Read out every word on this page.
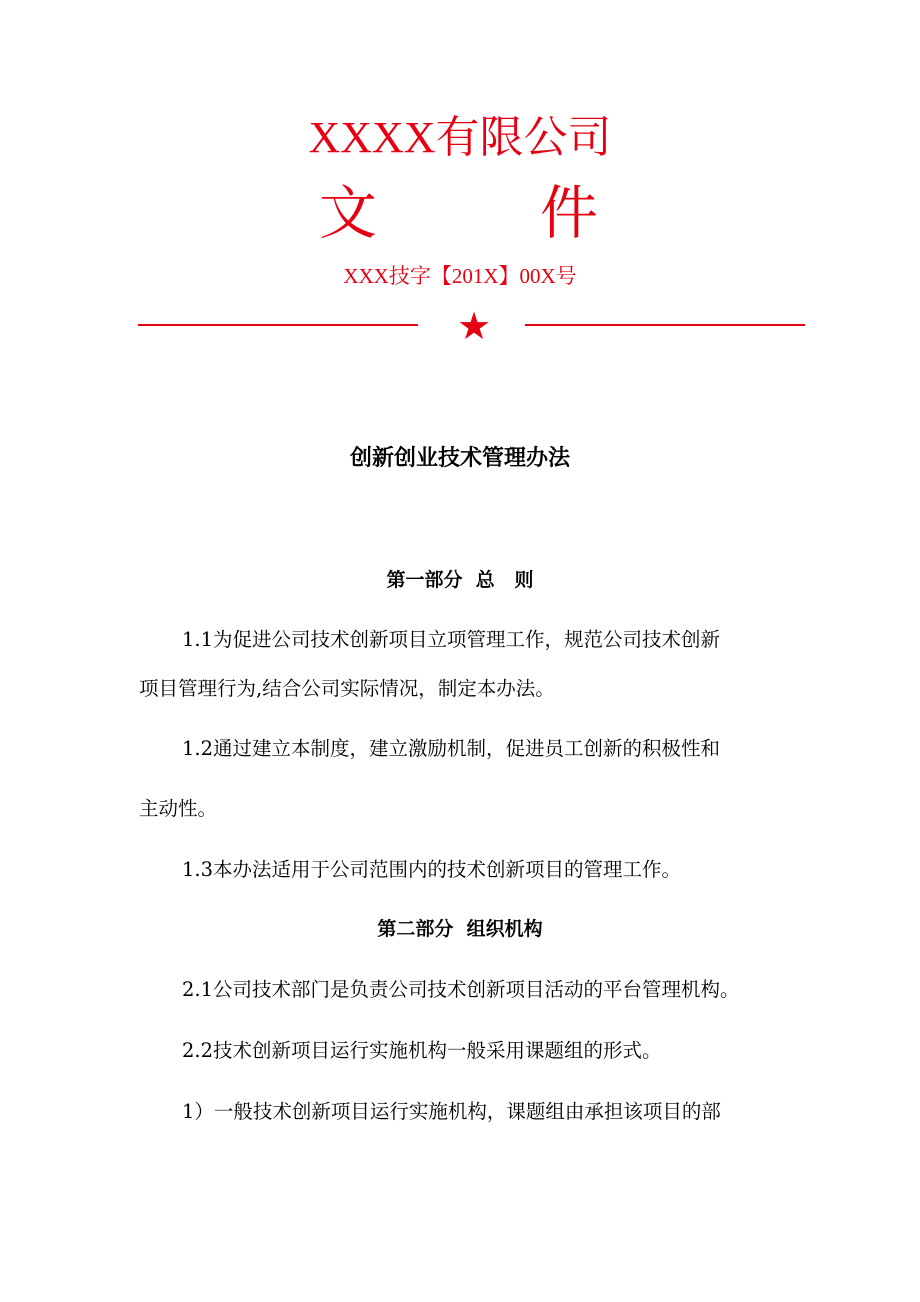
XXXX有限公司
文	件
XXX技字【201X】00X号
★
创新创业技术管理办法
第一部分  总   则
1.1为促进公司技术创新项目立项管理工作，规范公司技术创新
项目管理行为,结合公司实际情况，制定本办法。
1.2通过建立本制度，建立激励机制，促进员工创新的积极性和
主动性。
1.3本办法适用于公司范围内的技术创新项目的管理工作。
第二部分  组织机构
2.1公司技术部门是负责公司技术创新项目活动的平台管理机构。
2.2技术创新项目运行实施机构一般采用课题组的形式。
1）一般技术创新项目运行实施机构，课题组由承担该项目的部
